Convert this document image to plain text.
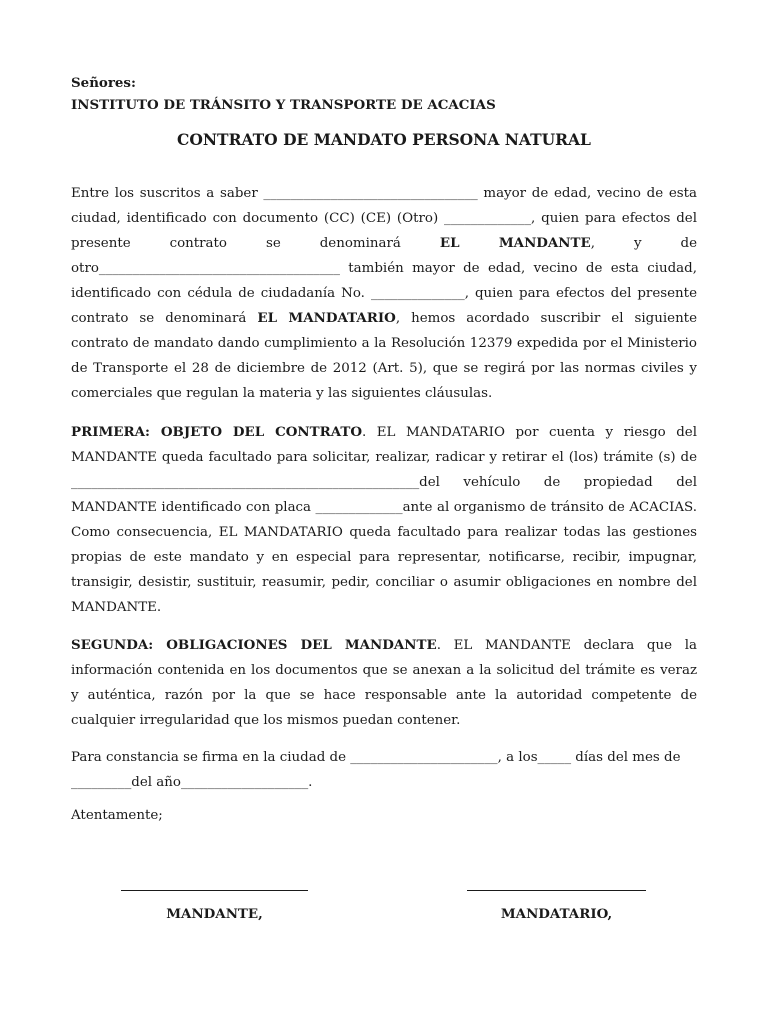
Señores:
INSTITUTO DE TRÁNSITO Y TRANSPORTE DE ACACIAS
CONTRATO DE MANDATO PERSONA NATURAL
Entre los suscritos a saber ________________________________ mayor de edad, vecino de esta ciudad, identificado con documento (CC) (CE) (Otro) _____________, quien para efectos del presente contrato se denominará EL MANDANTE, y de otro____________________________________ también mayor de edad, vecino de esta ciudad, identificado con cédula de ciudadanía No. ______________, quien para efectos del presente contrato se denominará EL MANDATARIO, hemos acordado suscribir el siguiente contrato de mandato dando cumplimiento a la Resolución 12379 expedida por el Ministerio de Transporte el 28 de diciembre de 2012 (Art. 5), que se regirá por las normas civiles y comerciales que regulan la materia y las siguientes cláusulas.
PRIMERA: OBJETO DEL CONTRATO. EL MANDATARIO por cuenta y riesgo del MANDANTE queda facultado para solicitar, realizar, radicar y retirar el (los) trámite (s) de ____________________________________________________del vehículo de propiedad del MANDANTE identificado con placa _____________ante al organismo de tránsito de ACACIAS. Como consecuencia, EL MANDATARIO queda facultado para realizar todas las gestiones propias de este mandato y en especial para representar, notificarse, recibir, impugnar, transigir, desistir, sustituir, reasumir, pedir, conciliar o asumir obligaciones en nombre del MANDANTE.
SEGUNDA: OBLIGACIONES DEL MANDANTE. EL MANDANTE declara que la información contenida en los documentos que se anexan a la solicitud del trámite es veraz y auténtica, razón por la que se hace responsable ante la autoridad competente de cualquier irregularidad que los mismos puedan contener.
Para constancia se firma en la ciudad de ______________________, a los_____ días del mes de _________del año___________________.
Atentamente;
MANDANTE,	MANDATARIO,
